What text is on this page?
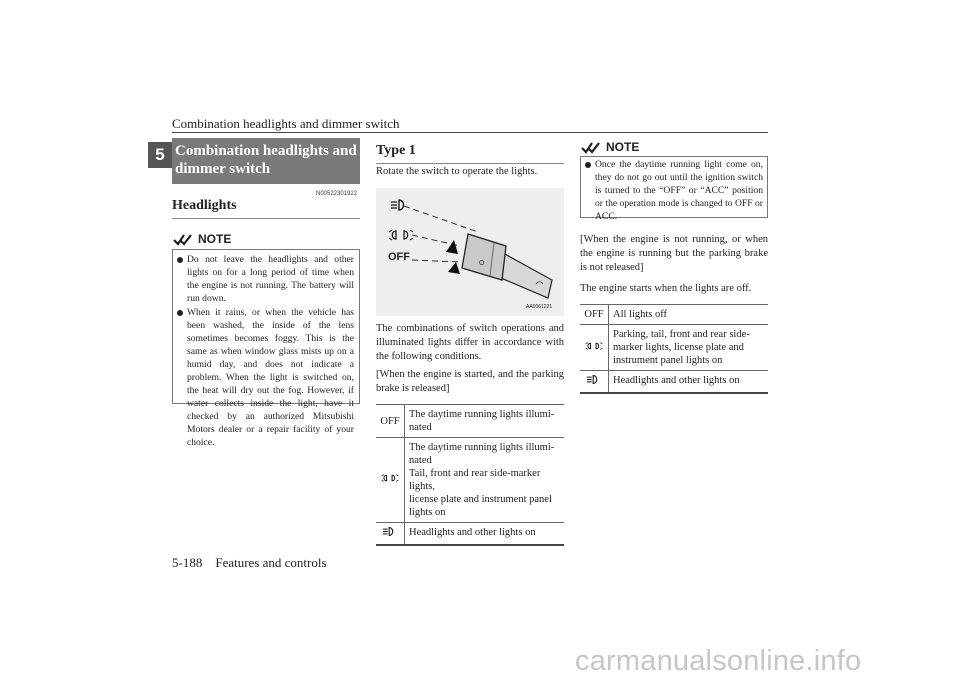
Combination headlights and dimmer switch
5 Combination headlights and dimmer switch
N00522301922
Headlights
NOTE
Do not leave the headlights and other lights on for a long period of time when the engine is not running. The battery will run down.
When it rains, or when the vehicle has been washed, the inside of the lens sometimes becomes foggy. This is the same as when window glass mists up on a humid day, and does not indicate a problem. When the light is switched on, the heat will dry out the fog. However, if water collects inside the light, have it checked by an authorized Mitsubishi Motors dealer or a repair facility of your choice.
Type 1
Rotate the switch to operate the lights.
O
OFF
AA0061221
The combinations of switch operations and illuminated lights differ in accordance with the following conditions.
[When the engine is started, and the parking brake is released]
OFF	The daytime running lights illumi-
nated
	The daytime running lights illumi-
nated
Tail, front and rear side-marker lights,
license plate and instrument panel
lights on
	Headlights and other lights on
NOTE
Once the daytime running light come on, they do not go out until the ignition switch is turned to the “OFF” or “ACC” position or the operation mode is changed to OFF or ACC.
[When the engine is not running, or when the engine is running but the parking brake is not released]
The engine starts when the lights are off.
OFF	All lights off
	Parking, tail, front and rear side-
marker lights, license plate and
instrument panel lights on
	Headlights and other lights on
5-188 Features and controls
carmanualsonline.info
